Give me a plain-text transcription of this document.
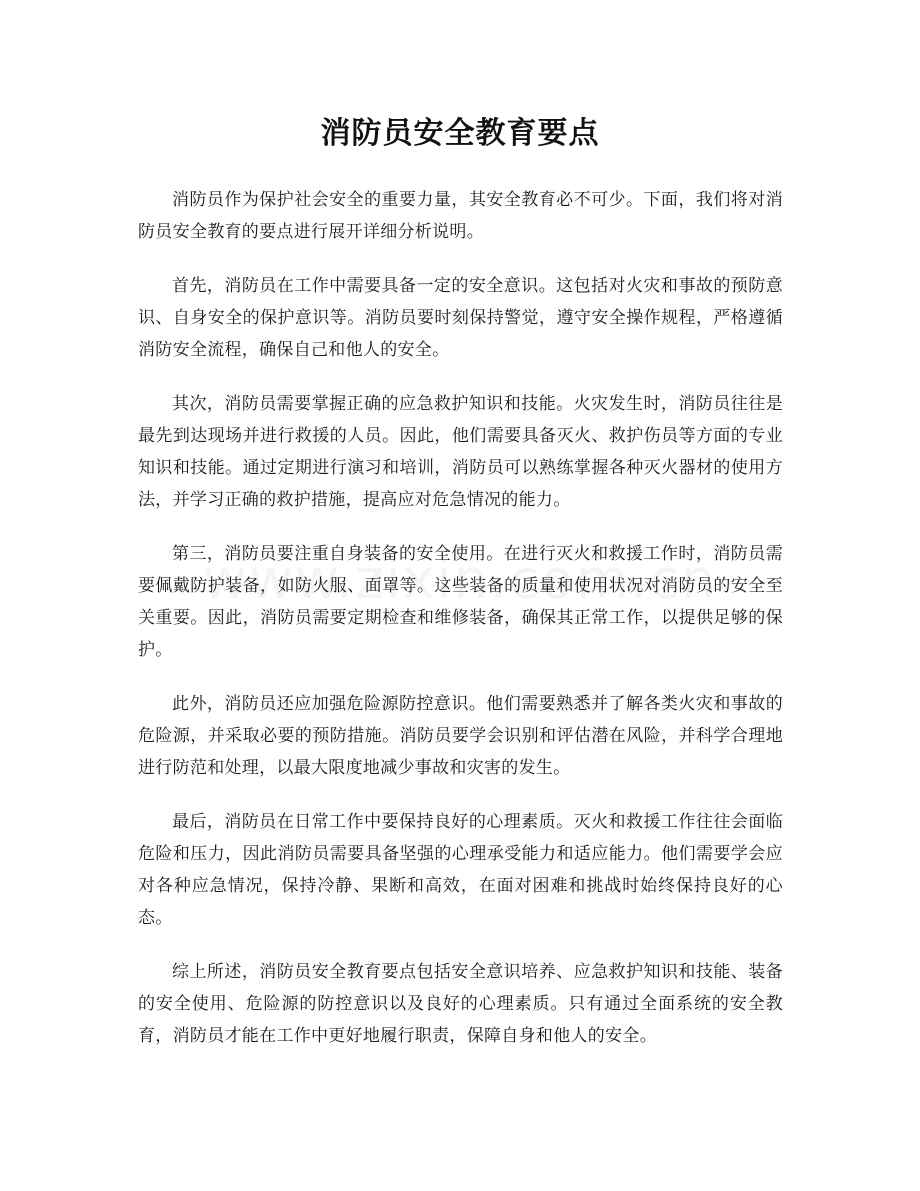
消防员安全教育要点

消防员作为保护社会安全的重要力量，其安全教育必不可少。下面，我们将对消防员安全教育的要点进行展开详细分析说明。

首先，消防员在工作中需要具备一定的安全意识。这包括对火灾和事故的预防意识、自身安全的保护意识等。消防员要时刻保持警觉，遵守安全操作规程，严格遵循消防安全流程，确保自己和他人的安全。

其次，消防员需要掌握正确的应急救护知识和技能。火灾发生时，消防员往往是最先到达现场并进行救援的人员。因此，他们需要具备灭火、救护伤员等方面的专业知识和技能。通过定期进行演习和培训，消防员可以熟练掌握各种灭火器材的使用方法，并学习正确的救护措施，提高应对危急情况的能力。

第三，消防员要注重自身装备的安全使用。在进行灭火和救援工作时，消防员需要佩戴防护装备，如防火服、面罩等。这些装备的质量和使用状况对消防员的安全至关重要。因此，消防员需要定期检查和维修装备，确保其正常工作，以提供足够的保护。

此外，消防员还应加强危险源防控意识。他们需要熟悉并了解各类火灾和事故的危险源，并采取必要的预防措施。消防员要学会识别和评估潜在风险，并科学合理地进行防范和处理，以最大限度地减少事故和灾害的发生。

最后，消防员在日常工作中要保持良好的心理素质。灭火和救援工作往往会面临危险和压力，因此消防员需要具备坚强的心理承受能力和适应能力。他们需要学会应对各种应急情况，保持冷静、果断和高效，在面对困难和挑战时始终保持良好的心态。

综上所述，消防员安全教育要点包括安全意识培养、应急救护知识和技能、装备的安全使用、危险源的防控意识以及良好的心理素质。只有通过全面系统的安全教育，消防员才能在工作中更好地履行职责，保障自身和他人的安全。
